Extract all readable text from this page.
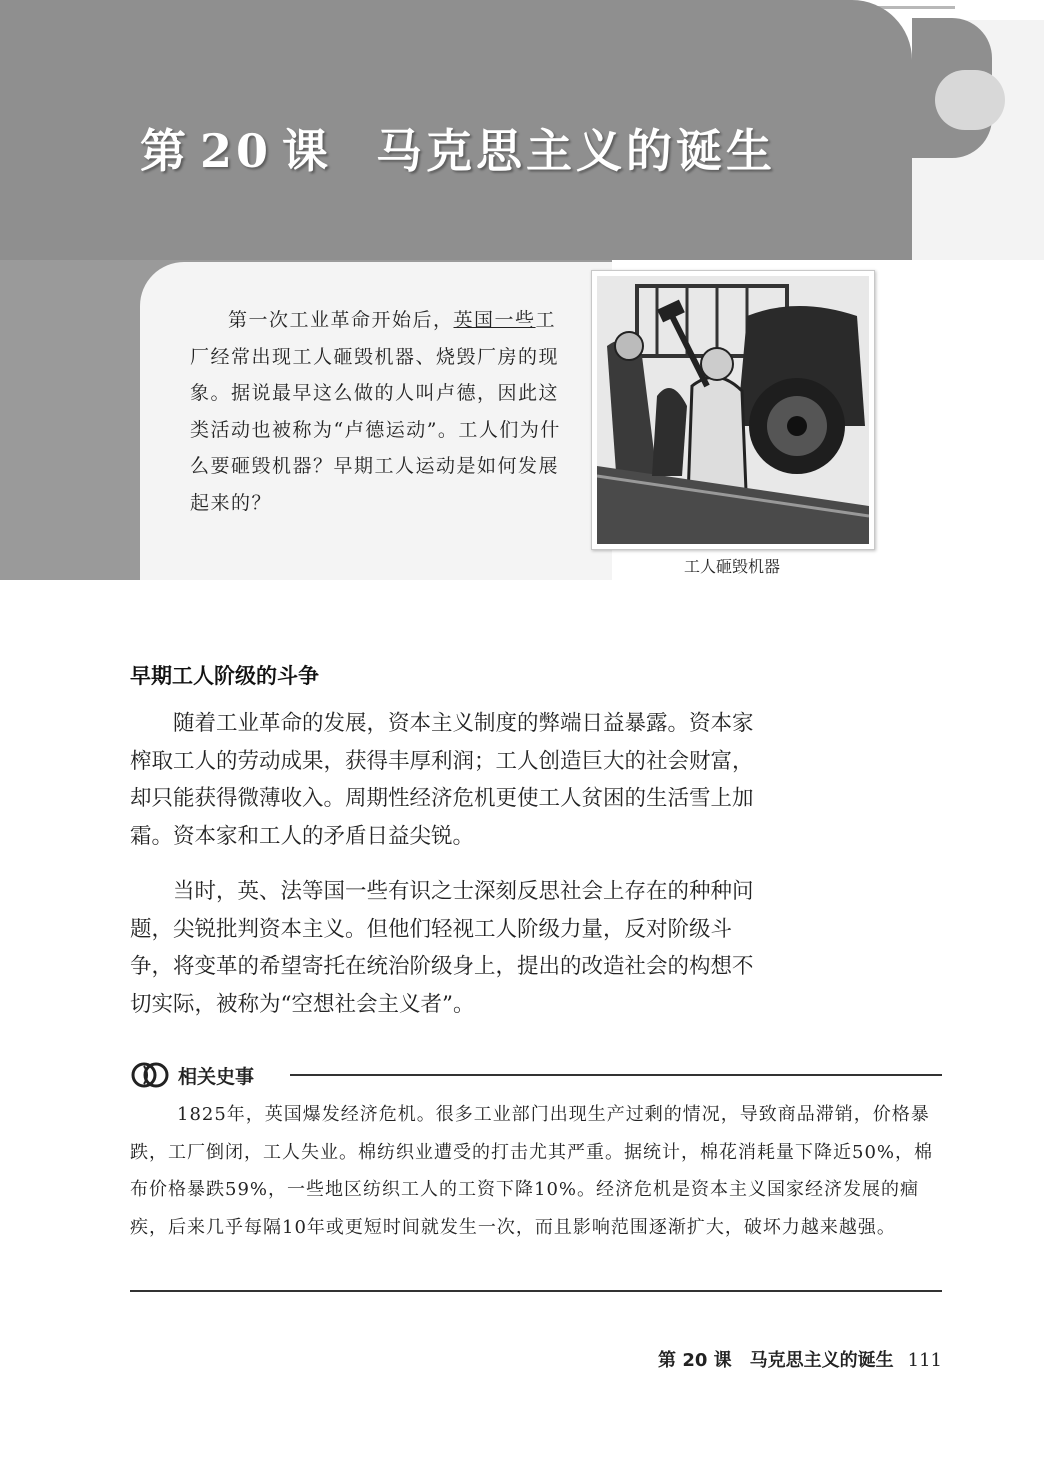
第 20 课 马克思主义的诞生
第一次工业革命开始后，英国一些工厂经常出现工人砸毁机器、烧毁厂房的现象。据说最早这么做的人叫卢德，因此这类活动也被称为“卢德运动”。工人们为什么要砸毁机器？早期工人运动是如何发展起来的？
工人砸毁机器
早期工人阶级的斗争
随着工业革命的发展，资本主义制度的弊端日益暴露。资本家榨取工人的劳动成果，获得丰厚利润；工人创造巨大的社会财富，却只能获得微薄收入。周期性经济危机更使工人贫困的生活雪上加霜。资本家和工人的矛盾日益尖锐。
当时，英、法等国一些有识之士深刻反思社会上存在的种种问题，尖锐批判资本主义。但他们轻视工人阶级力量，反对阶级斗争，将变革的希望寄托在统治阶级身上，提出的改造社会的构想不切实际，被称为“空想社会主义者”。
相关史事
1825年，英国爆发经济危机。很多工业部门出现生产过剩的情况，导致商品滞销，价格暴跌，工厂倒闭，工人失业。棉纺织业遭受的打击尤其严重。据统计，棉花消耗量下降近50%，棉布价格暴跌59%，一些地区纺织工人的工资下降10%。经济危机是资本主义国家经济发展的痼疾，后来几乎每隔10年或更短时间就发生一次，而且影响范围逐渐扩大，破坏力越来越强。
第 20 课　马克思主义的诞生 111
